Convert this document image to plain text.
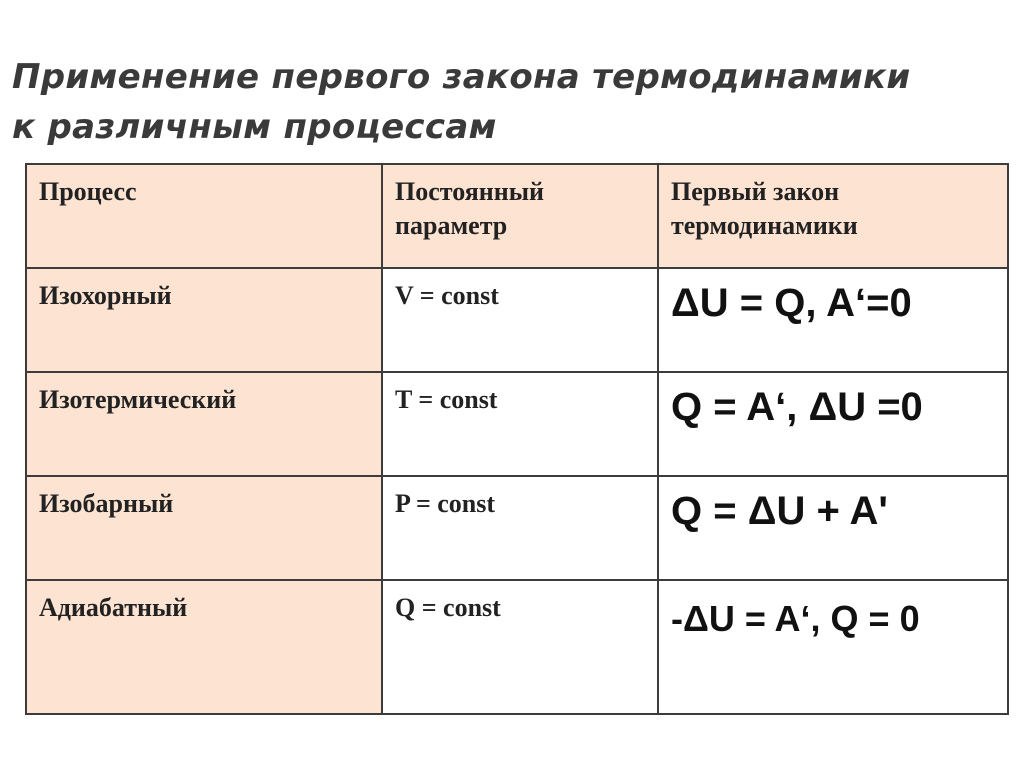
Применение первого закона термодинамики
к различным процессам
Процесс	Постоянный параметр	Первый закон термодинамики

Изохорный	V = const	ΔU = Q, A‘=0

Изотермический	T = const	Q = A‘, ΔU =0

Изобарный	P = const	Q = ΔU + A'

Адиабатный	Q = const	-ΔU = A‘, Q = 0
